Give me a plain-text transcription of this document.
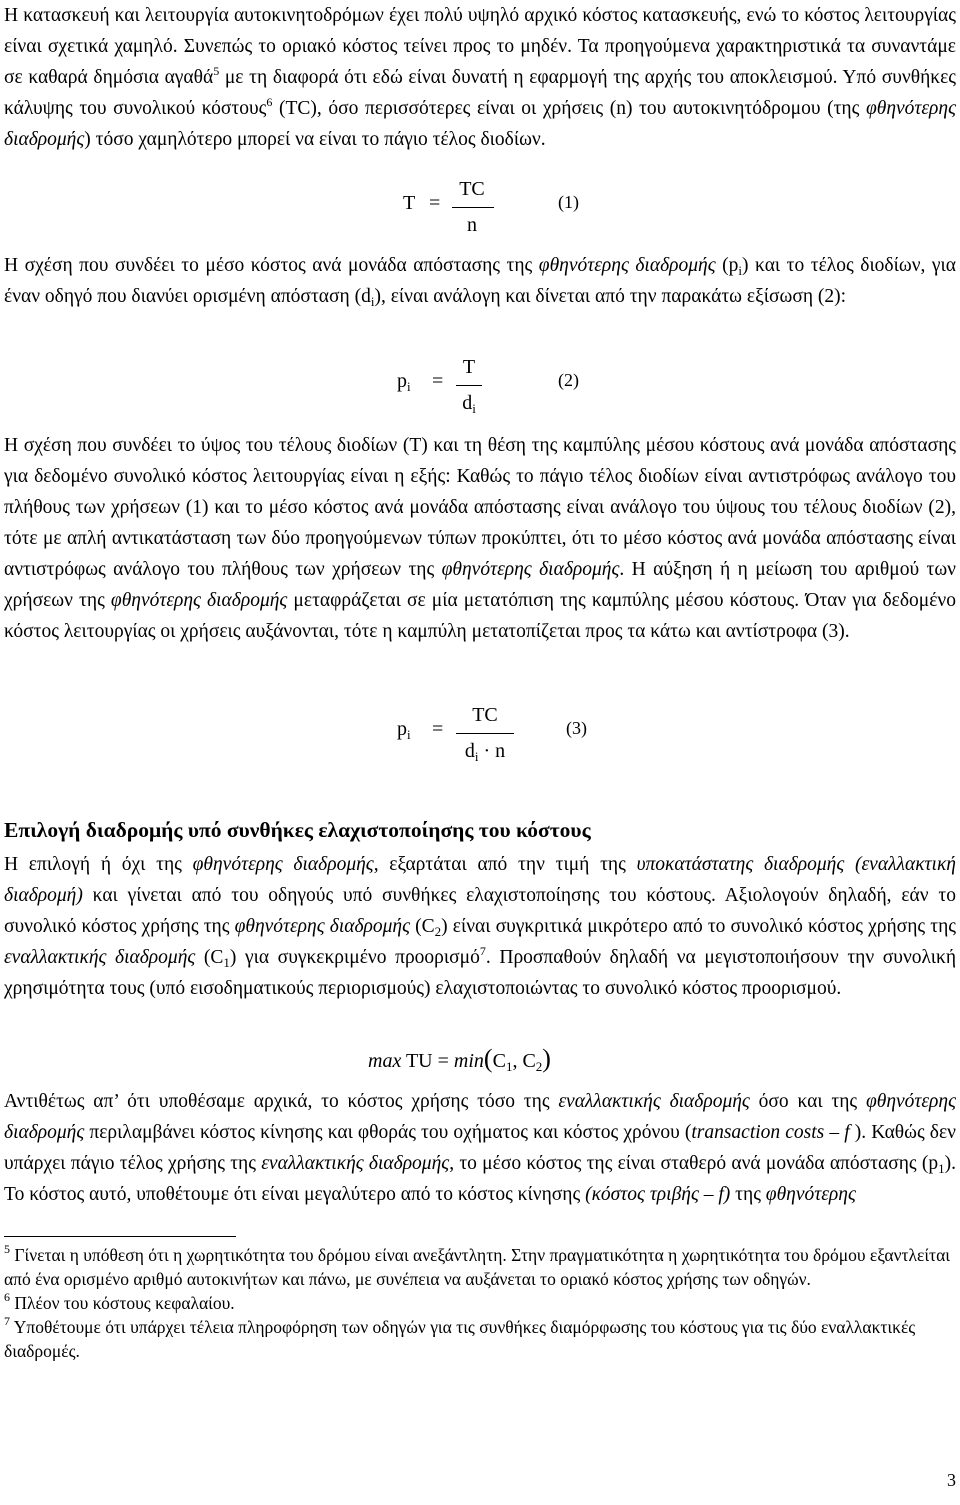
Η κατασκευή και λειτουργία αυτοκινητοδρόμων έχει πολύ υψηλό αρχικό κόστος κατασκευής, ενώ το κόστος λειτουργίας είναι σχετικά χαμηλό. Συνεπώς το οριακό κόστος τείνει προς το μηδέν. Τα προηγούμενα χαρακτηριστικά τα συναντάμε σε καθαρά δημόσια αγαθά$^5$ με τη διαφορά ότι εδώ είναι δυνατή η εφαρμογή της αρχής του αποκλεισμού. Υπό συνθήκες κάλυψης του συνολικού κόστους$^6$ (TC), όσο περισσότερες είναι οι χρήσεις (n) του αυτοκινητόδρομου (της φθηνότερης διαδρομής) τόσο χαμηλότερο μπορεί να είναι το πάγιο τέλος διοδίων.

T =
TC
n
(1)

Η σχέση που συνδέει το μέσο κόστος ανά μονάδα απόστασης της φθηνότερης διαδρομής $(p_i)$ και το τέλος διοδίων, για έναν οδηγό που διανύει ορισμένη απόσταση $(d_i)$, είναι ανάλογη και δίνεται από την παρακάτω εξίσωση (2):

$p_i$ =
T
$d_i$
(2)

Η σχέση που συνδέει το ύψος του τέλους διοδίων (T) και τη θέση της καμπύλης μέσου κόστους ανά μονάδα απόστασης για δεδομένο συνολικό κόστος λειτουργίας είναι η εξής: Καθώς το πάγιο τέλος διοδίων είναι αντιστρόφως ανάλογο του πλήθους των χρήσεων (1) και το μέσο κόστος ανά μονάδα απόστασης είναι ανάλογο του ύψους του τέλους διοδίων (2), τότε με απλή αντικατάσταση των δύο προηγούμενων τύπων προκύπτει, ότι το μέσο κόστος ανά μονάδα απόστασης είναι αντιστρόφως ανάλογο του πλήθους των χρήσεων της φθηνότερης διαδρομής. Η αύξηση ή η μείωση του αριθμού των χρήσεων της φθηνότερης διαδρομής μεταφράζεται σε μία μετατόπιση της καμπύλης μέσου κόστους. Όταν για δεδομένο κόστος λειτουργίας οι χρήσεις αυξάνονται, τότε η καμπύλη μετατοπίζεται προς τα κάτω και αντίστροφα (3).

$p_i$ =
TC
$d_i \cdot n$
(3)
Επιλογή διαδρομής υπό συνθήκες ελαχιστοποίησης του κόστους

Η επιλογή ή όχι της φθηνότερης διαδρομής, εξαρτάται από την τιμή της υποκατάστατης διαδρομής (εναλλακτική διαδρομή) και γίνεται από του οδηγούς υπό συνθήκες ελαχιστοποίησης του κόστους. Αξιολογούν δηλαδή, εάν το συνολικό κόστος χρήσης της φθηνότερης διαδρομής $(C_2)$ είναι συγκριτικά μικρότερο από το συνολικό κόστος χρήσης της εναλλακτικής διαδρομής $(C_1)$ για συγκεκριμένο προορισμό$^7$. Προσπαθούν δηλαδή να μεγιστοποιήσουν την συνολική χρησιμότητα τους (υπό εισοδηματικούς περιορισμούς) ελαχιστοποιώντας το συνολικό κόστος προορισμού.

max TU = $\min(C_1$, $C_2$)

Αντιθέτως απ’ ότι υποθέσαμε αρχικά, το κόστος χρήσης τόσο της εναλλακτικής διαδρομής όσο και της φθηνότερης διαδρομής περιλαμβάνει κόστος κίνησης και φθοράς του οχήματος και κόστος χρόνου (transaction costs – f ). Καθώς δεν υπάρχει πάγιο τέλος χρήσης της εναλλακτικής διαδρομής, το μέσο κόστος της είναι σταθερό ανά μονάδα απόστασης $(p_1)$. Το κόστος αυτό, υποθέτουμε ότι είναι μεγαλύτερο από το κόστος κίνησης (κόστος τριβής – f) της φθηνότερης

$^5$ Γίνεται η υπόθεση ότι η χωρητικότητα του δρόμου είναι ανεξάντλητη. Στην πραγματικότητα η χωρητικότητα του δρόμου εξαντλείται από ένα ορισμένο αριθμό αυτοκινήτων και πάνω, με συνέπεια να αυξάνεται το οριακό κόστος χρήσης των οδηγών.

$^6$ Πλέον του κόστους κεφαλαίου.

$^7$ Υποθέτουμε ότι υπάρχει τέλεια πληροφόρηση των οδηγών για τις συνθήκες διαμόρφωσης του κόστους για τις δύο εναλλακτικές διαδρομές.

3
